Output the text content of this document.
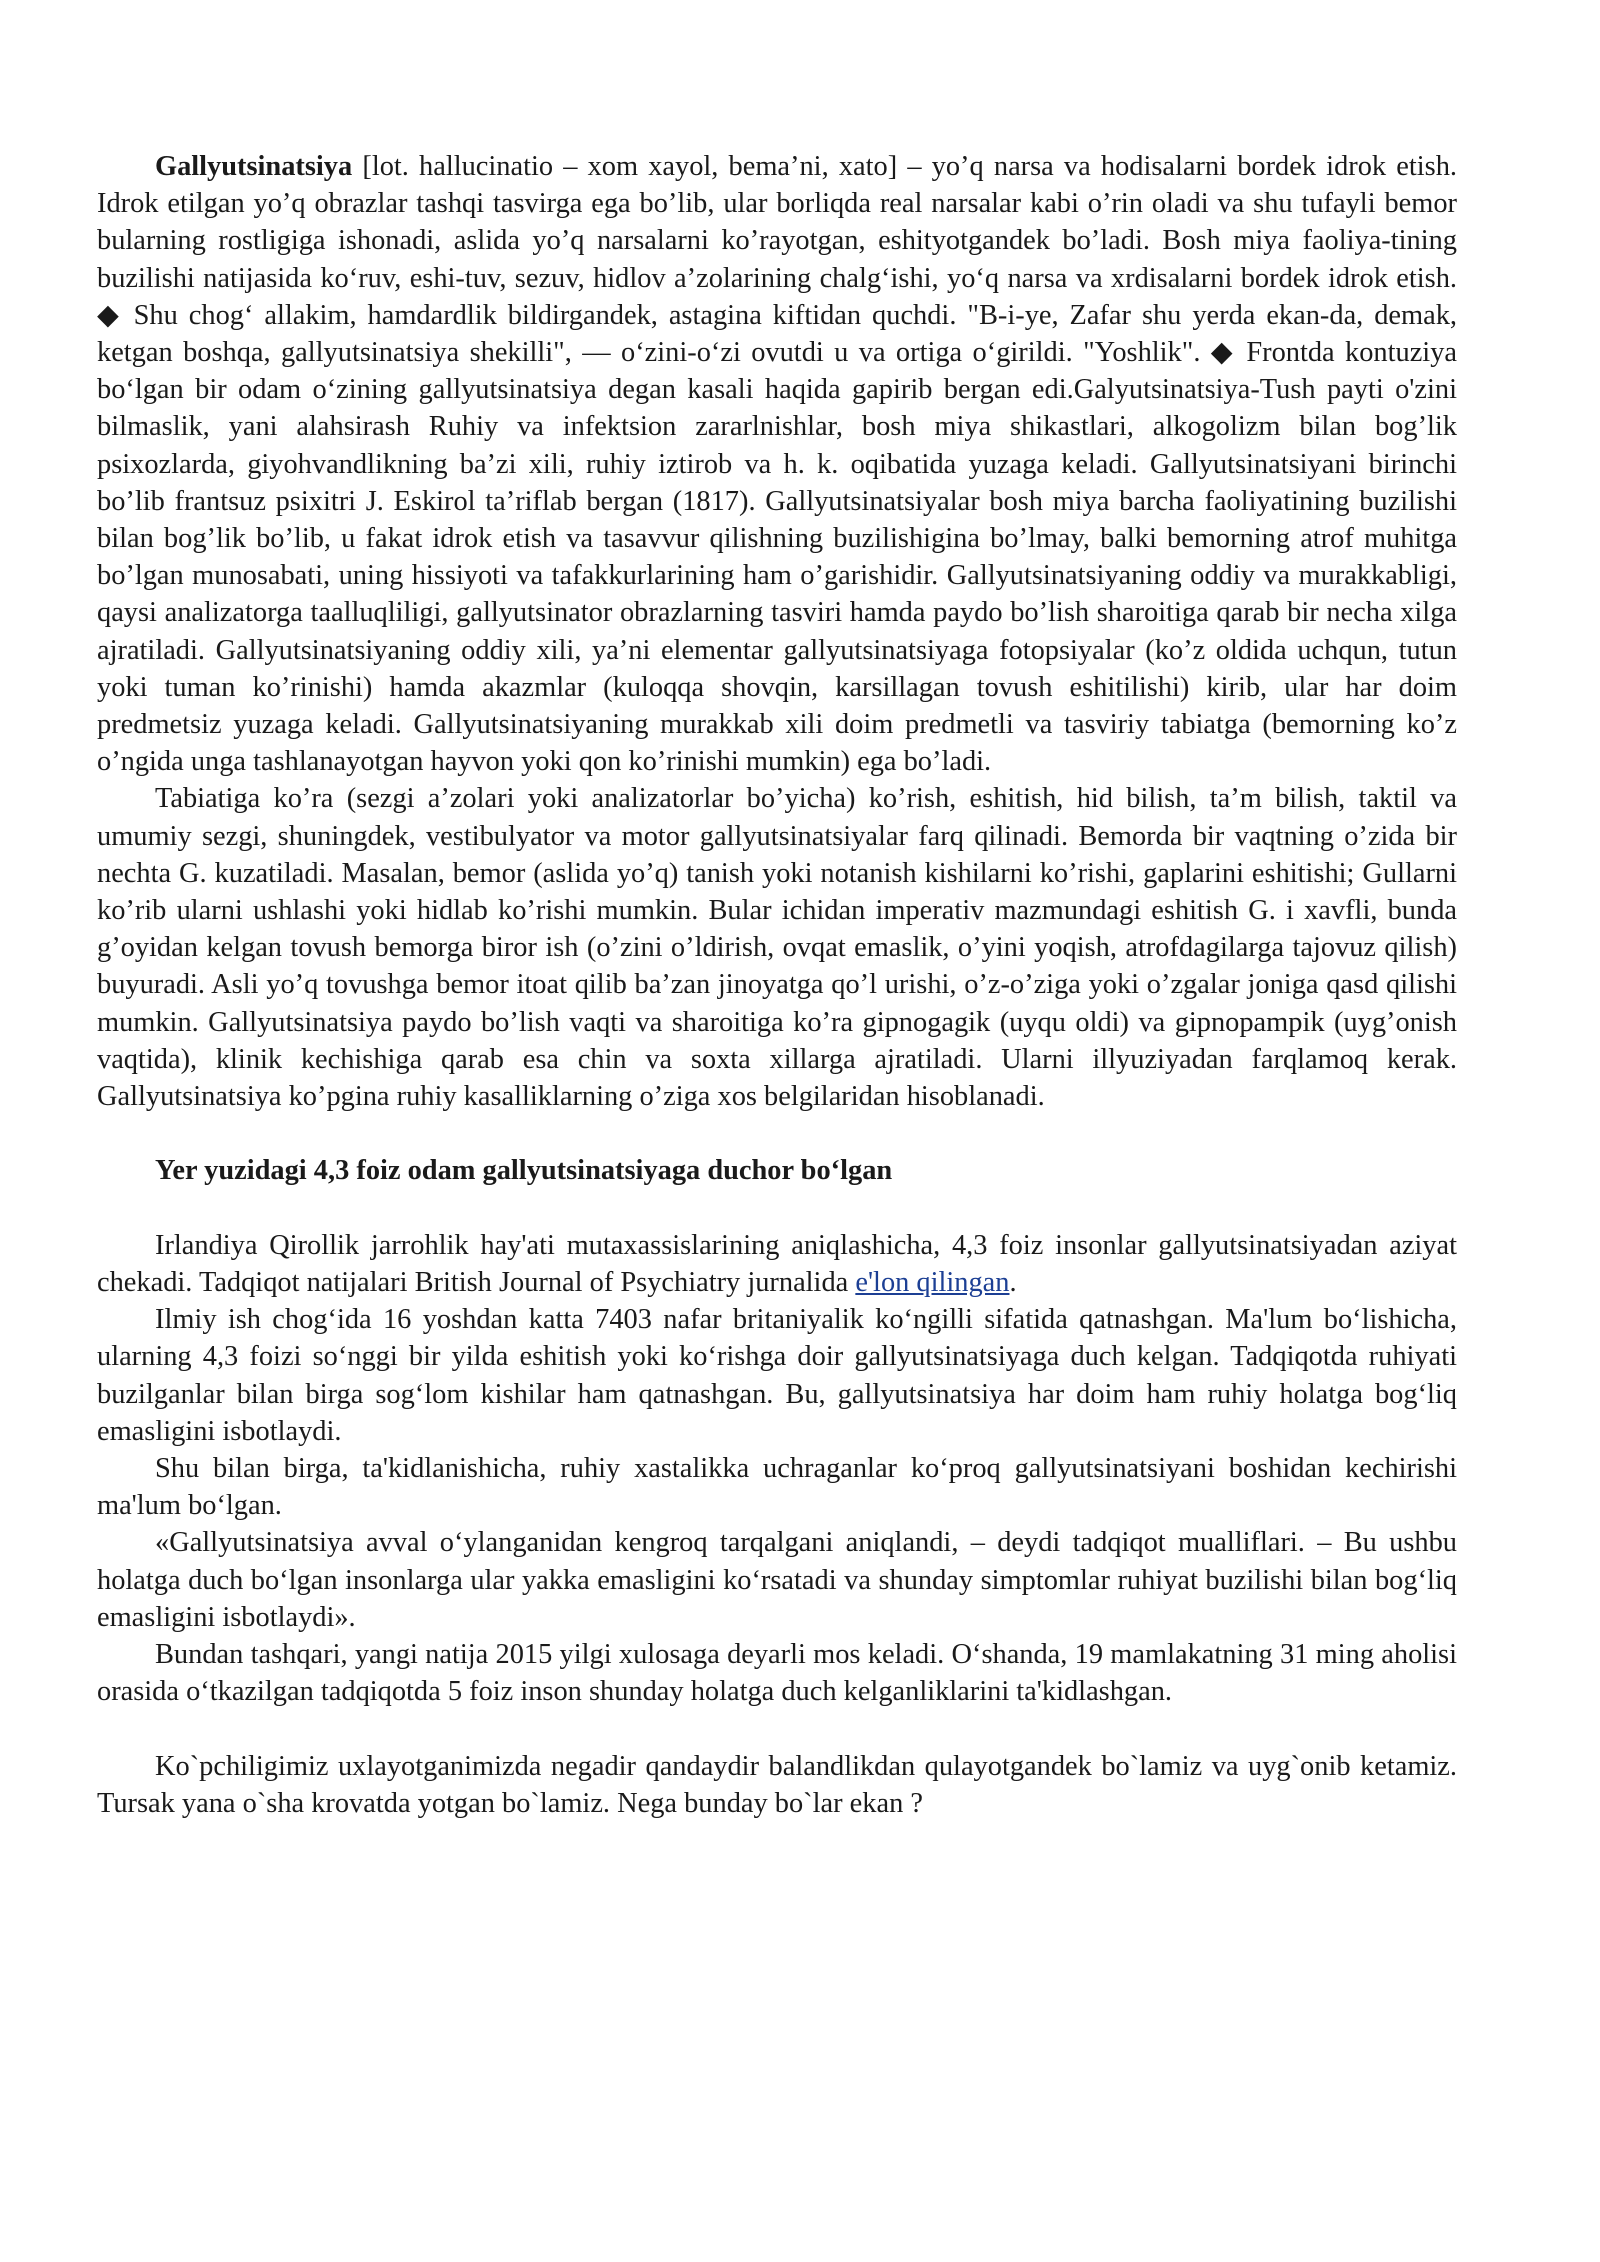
Gallyutsinatsiya [lot. hallucinatio – xom xayol, bema’ni, xato] – yo’q narsa va hodisalarni bordek idrok etish. Idrok etilgan yo’q obrazlar tashqi tasvirga ega bo’lib, ular borliqda real narsalar kabi o’rin oladi va shu tufayli bemor bularning rostligiga ishonadi, aslida yo’q narsalarni ko’rayotgan, eshityotgandek bo’ladi. Bosh miya faoliya-tining buzilishi natijasida ko‘ruv, eshi-tuv, sezuv, hidlov a’zolarining chalg‘ishi, yo‘q narsa va xrdisalarni bordek idrok etish. ◆ Shu chog‘ allakim, hamdardlik bildirgandek, astagina kiftidan quchdi. "B-i-ye, Zafar shu yerda ekan-da, demak, ketgan boshqa, gallyutsinatsiya shekilli", — o‘zini-o‘zi ovutdi u va ortiga o‘girildi. "Yoshlik". ◆ Frontda kontuziya bo‘lgan bir odam o‘zining gallyutsinatsiya degan kasali haqida gapirib bergan edi.Galyutsinatsiya-Tush payti o'zini bilmaslik, yani alahsirash Ruhiy va infektsion zararlnishlar, bosh miya shikastlari, alkogolizm bilan bog’lik psixozlarda, giyohvandlikning ba’zi xili, ruhiy iztirob va h. k. oqibatida yuzaga keladi. Gallyutsinatsiyani birinchi bo’lib frantsuz psixitri J. Eskirol ta’riflab bergan (1817). Gallyutsinatsiyalar bosh miya barcha faoliyatining buzilishi bilan bog’lik bo’lib, u fakat idrok etish va tasavvur qilishning buzilishigina bo’lmay, balki bemorning atrof muhitga bo’lgan munosabati, uning hissiyoti va tafakkurlarining ham o’garishidir. Gallyutsinatsiyaning oddiy va murakkabligi, qaysi analizatorga taalluqliligi, gallyutsinator obrazlarning tasviri hamda paydo bo’lish sharoitiga qarab bir necha xilga ajratiladi. Gallyutsinatsiyaning oddiy xili, ya’ni elementar gallyutsinatsiyaga fotopsiyalar (ko’z oldida uchqun, tutun yoki tuman ko’rinishi) hamda akazmlar (kuloqqa shovqin, karsillagan tovush eshitilishi) kirib, ular har doim predmetsiz yuzaga keladi. Gallyutsinatsiyaning murakkab xili doim predmetli va tasviriy tabiatga (bemorning ko’z o’ngida unga tashlanayotgan hayvon yoki qon ko’rinishi mumkin) ega bo’ladi.

Tabiatiga ko’ra (sezgi a’zolari yoki analizatorlar bo’yicha) ko’rish, eshitish, hid bilish, ta’m bilish, taktil va umumiy sezgi, shuningdek, vestibulyator va motor gallyutsinatsiyalar farq qilinadi. Bemorda bir vaqtning o’zida bir nechta G. kuzatiladi. Masalan, bemor (aslida yo’q) tanish yoki notanish kishilarni ko’rishi, gaplarini eshitishi; Gullarni ko’rib ularni ushlashi yoki hidlab ko’rishi mumkin. Bular ichidan imperativ mazmundagi eshitish G. i xavfli, bunda g’oyidan kelgan tovush bemorga biror ish (o’zini o’ldirish, ovqat emaslik, o’yini yoqish, atrofdagilarga tajovuz qilish) buyuradi. Asli yo’q tovushga bemor itoat qilib ba’zan jinoyatga qo’l urishi, o’z-o’ziga yoki o’zgalar joniga qasd qilishi mumkin. Gallyutsinatsiya paydo bo’lish vaqti va sharoitiga ko’ra gipnogagik (uyqu oldi) va gipnopampik (uyg’onish vaqtida), klinik kechishiga qarab esa chin va soxta xillarga ajratiladi. Ularni illyuziyadan farqlamoq kerak. Gallyutsinatsiya ko’pgina ruhiy kasalliklarning o’ziga xos belgilaridan hisoblanadi.

Yer yuzidagi 4,3 foiz odam gallyutsinatsiyaga duchor bo‘lgan

Irlandiya Qirollik jarrohlik hay'ati mutaxassislarining aniqlashicha, 4,3 foiz insonlar gallyutsinatsiyadan aziyat chekadi. Tadqiqot natijalari British Journal of Psychiatry jurnalida e'lon qilingan.

Ilmiy ish chog‘ida 16 yoshdan katta 7403 nafar britaniyalik ko‘ngilli sifatida qatnashgan. Ma'lum bo‘lishicha, ularning 4,3 foizi so‘nggi bir yilda eshitish yoki ko‘rishga doir gallyutsinatsiyaga duch kelgan. Tadqiqotda ruhiyati buzilganlar bilan birga sog‘lom kishilar ham qatnashgan. Bu, gallyutsinatsiya har doim ham ruhiy holatga bog‘liq emasligini isbotlaydi.

Shu bilan birga, ta'kidlanishicha, ruhiy xastalikka uchraganlar ko‘proq gallyutsinatsiyani boshidan kechirishi ma'lum bo‘lgan.

«Gallyutsinatsiya avval o‘ylanganidan kengroq tarqalgani aniqlandi, – deydi tadqiqot mualliflari. – Bu ushbu holatga duch bo‘lgan insonlarga ular yakka emasligini ko‘rsatadi va shunday simptomlar ruhiyat buzilishi bilan bog‘liq emasligini isbotlaydi».

Bundan tashqari, yangi natija 2015 yilgi xulosaga deyarli mos keladi. O‘shanda, 19 mamlakatning 31 ming aholisi orasida o‘tkazilgan tadqiqotda 5 foiz inson shunday holatga duch kelganliklarini ta'kidlashgan.

Ko`pchiligimiz uxlayotganimizda negadir qandaydir balandlikdan qulayotgandek bo`lamiz va uyg`onib ketamiz. Tursak yana o`sha krovatda yotgan bo`lamiz. Nega bunday bo`lar ekan ?
